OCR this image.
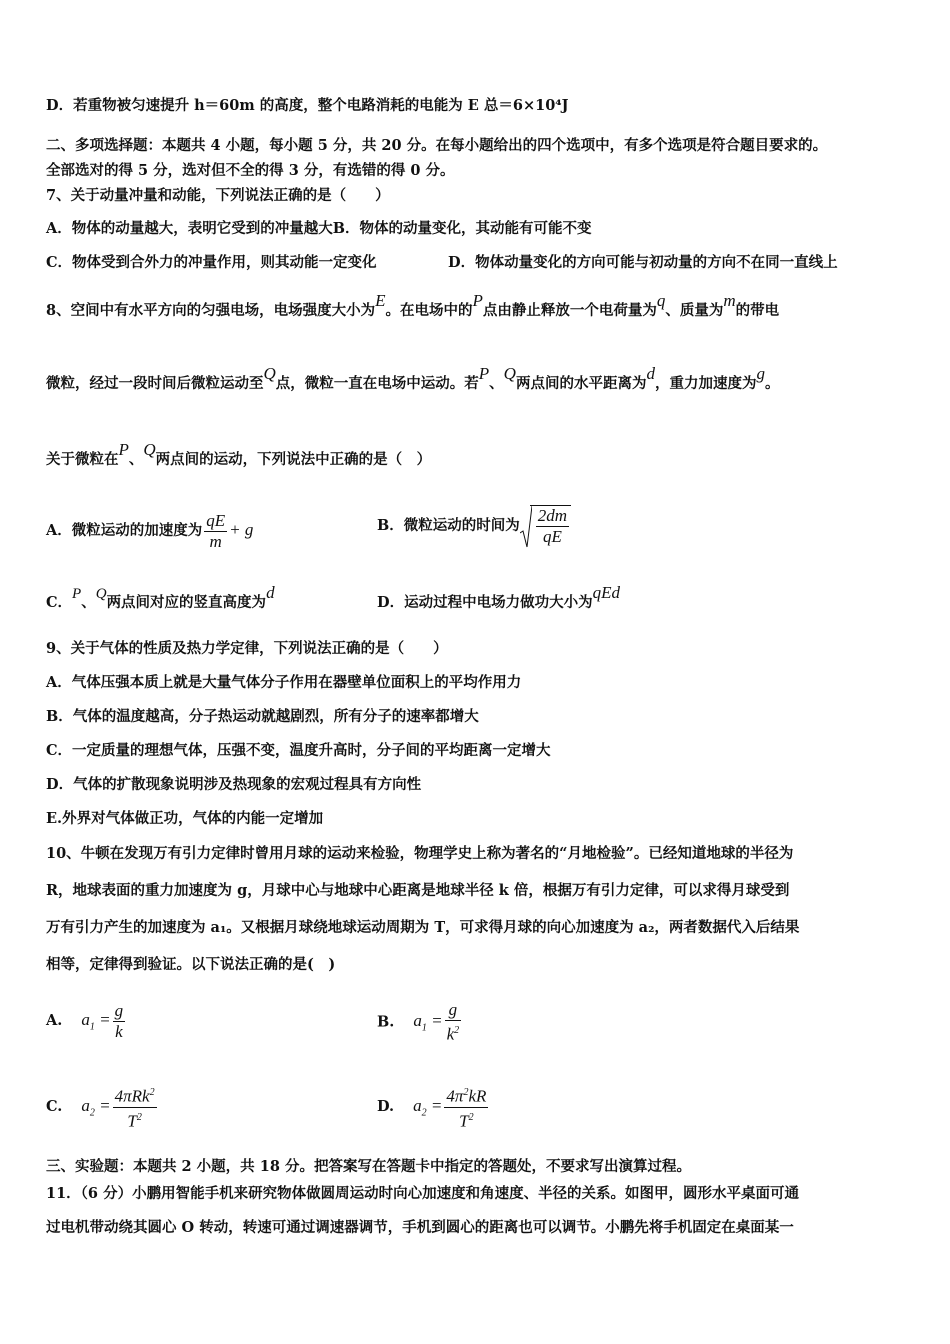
D．若重物被匀速提升 h＝60m 的高度，整个电路消耗的电能为 E 总＝6×10⁴J
二、多项选择题：本题共 4 小题，每小题 5 分，共 20 分。在每小题给出的四个选项中，有多个选项是符合题目要求的。
全部选对的得 5 分，选对但不全的得 3 分，有选错的得 0 分。
7、关于动量冲量和动能，下列说法正确的是（　　）
A．物体的动量越大，表明它受到的冲量越大B．物体的动量变化，其动能有可能不变
C．物体受到合外力的冲量作用，则其动能一定变化	D．物体动量变化的方向可能与初动量的方向不在同一直线上
8、空间中有水平方向的匀强电场，电场强度大小为E。在电场中的P点由静止释放一个电荷量为q、质量为m的带电
微粒，经过一段时间后微粒运动至Q点，微粒一直在电场中运动。若P、Q两点间的水平距离为d，重力加速度为g。
关于微粒在P、Q两点间的运动，下列说法中正确的是（　）
A．微粒运动的加速度为 $\frac{qE}{m} + g$	B．微粒运动的时间为 $\frac{2dm}{qE}$
C．P、Q两点间对应的竖直高度为d
D．运动过程中电场力做功大小为qEd
9、关于气体的性质及热力学定律，下列说法正确的是（　　）
A．气体压强本质上就是大量气体分子作用在器壁单位面积上的平均作用力
B．气体的温度越高，分子热运动就越剧烈，所有分子的速率都增大
C．一定质量的理想气体，压强不变，温度升高时，分子间的平均距离一定增大
D．气体的扩散现象说明涉及热现象的宏观过程具有方向性
E.外界对气体做正功，气体的内能一定增加
10、牛顿在发现万有引力定律时曾用月球的运动来检验，物理学史上称为著名的“月地检验”。已经知道地球的半径为
R，地球表面的重力加速度为 g，月球中心与地球中心距离是地球半径 k 倍，根据万有引力定律，可以求得月球受到
万有引力产生的加速度为 a₁。又根据月球绕地球运动周期为 T，可求得月球的向心加速度为 a₂，两者数据代入后结果
相等，定律得到验证。以下说法正确的是(　)
A. $a_1 = \frac{g}{k}$	B. $a_1 = \frac{g}{k^2}$
C. $a_2 = \frac{4\pi Rk^2}{T^2}$	D. $a_2 = \frac{4\pi^2kR}{T^2}$
三、实验题：本题共 2 小题，共 18 分。把答案写在答题卡中指定的答题处，不要求写出演算过程。
11．（6 分）小鹏用智能手机来研究物体做圆周运动时向心加速度和角速度、半径的关系。如图甲，圆形水平桌面可通
过电机带动绕其圆心 O 转动，转速可通过调速器调节，手机到圆心的距离也可以调节。小鹏先将手机固定在桌面某一
